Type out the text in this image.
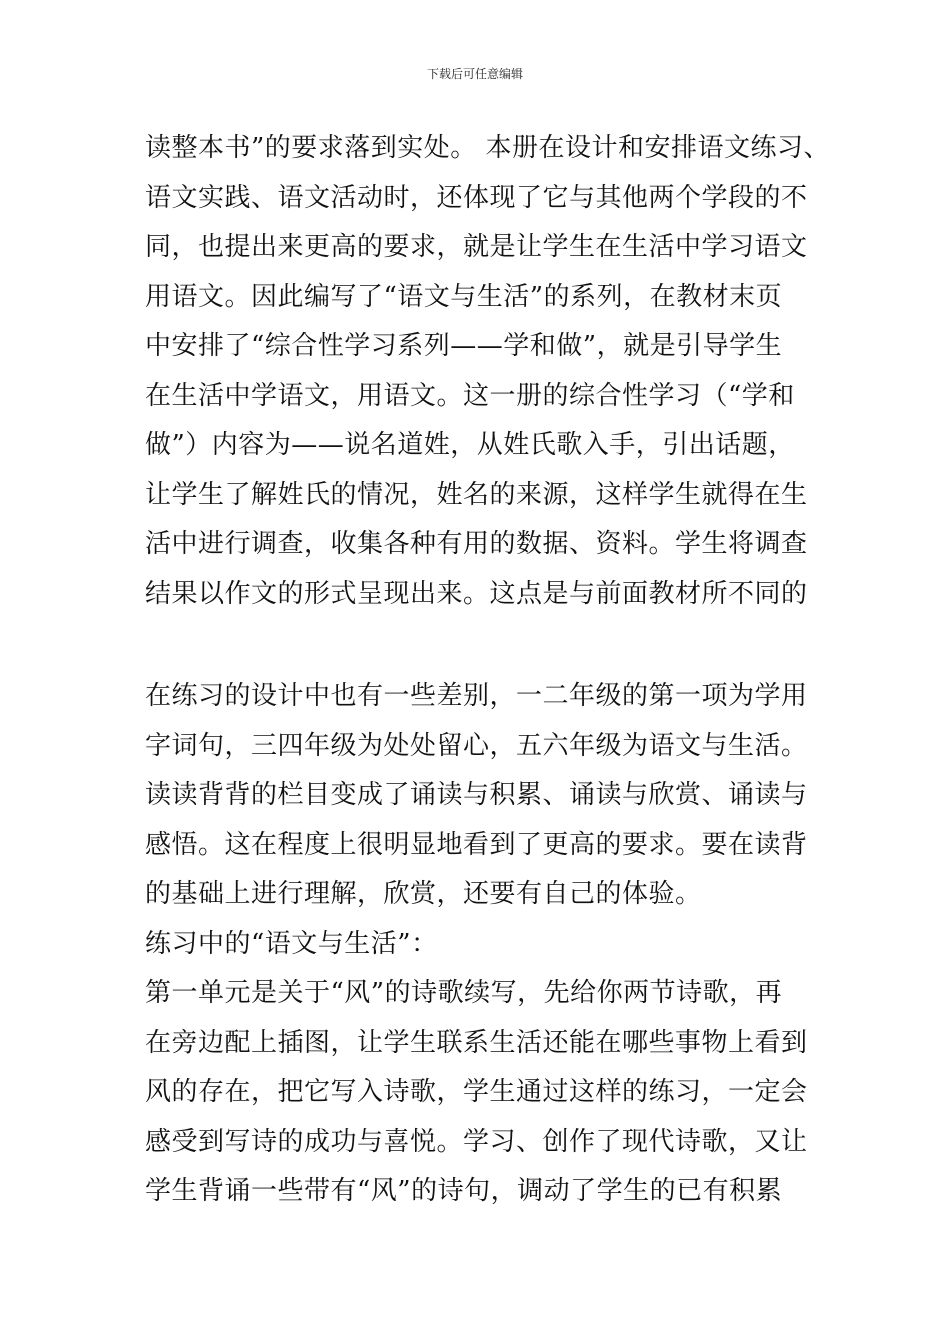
下载后可任意编辑
读整本书”的要求落到实处。 本册在设计和安排语文练习、
语文实践、语文活动时，还体现了它与其他两个学段的不
同，也提出来更高的要求，就是让学生在生活中学习语文
用语文。因此编写了“语文与生活”的系列，在教材末页
中安排了“综合性学习系列——学和做”，就是引导学生
在生活中学语文，用语文。这一册的综合性学习（“学和
做”）内容为——说名道姓，从姓氏歌入手，引出话题，
让学生了解姓氏的情况，姓名的来源，这样学生就得在生
活中进行调查，收集各种有用的数据、资料。学生将调查
结果以作文的形式呈现出来。这点是与前面教材所不同的
在练习的设计中也有一些差别，一二年级的第一项为学用
字词句，三四年级为处处留心，五六年级为语文与生活。
读读背背的栏目变成了诵读与积累、诵读与欣赏、诵读与
感悟。这在程度上很明显地看到了更高的要求。要在读背
的基础上进行理解，欣赏，还要有自己的体验。
练习中的“语文与生活”：
第一单元是关于“风”的诗歌续写，先给你两节诗歌，再
在旁边配上插图，让学生联系生活还能在哪些事物上看到
风的存在，把它写入诗歌，学生通过这样的练习，一定会
感受到写诗的成功与喜悦。学习、创作了现代诗歌，又让
学生背诵一些带有“风”的诗句，调动了学生的已有积累
